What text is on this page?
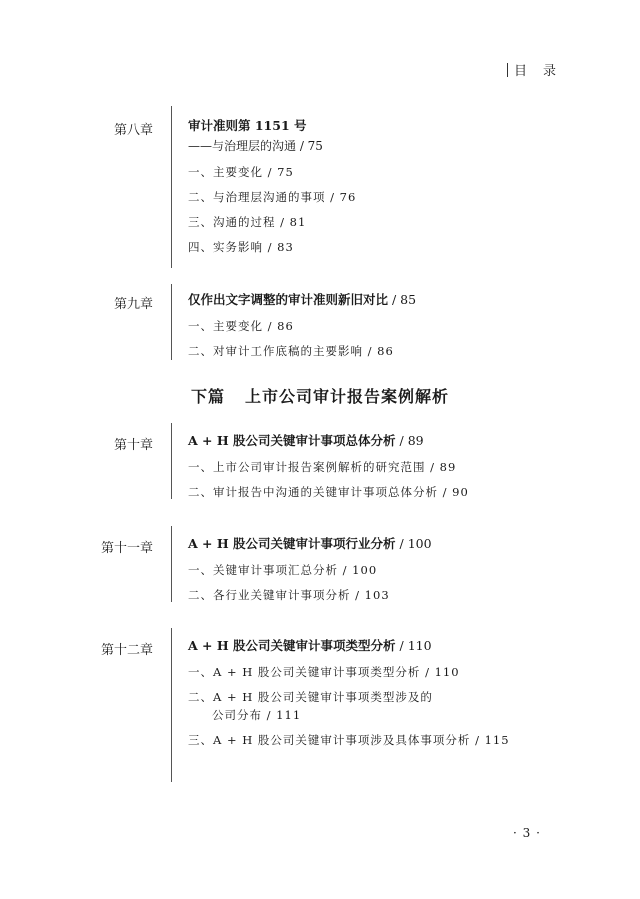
目 录
第八章	审计准则第 1151 号
——与治理层的沟通 / 75
一、主要变化 / 75
二、与治理层沟通的事项 / 76
三、沟通的过程 / 81
四、实务影响 / 83
第九章	仅作出文字调整的审计准则新旧对比 / 85
一、主要变化 / 86
二、对审计工作底稿的主要影响 / 86
下篇 上市公司审计报告案例解析
第十章	A + H 股公司关键审计事项总体分析 / 89
一、上市公司审计报告案例解析的研究范围 / 89
二、审计报告中沟通的关键审计事项总体分析 / 90
第十一章	A + H 股公司关键审计事项行业分析 / 100
一、关键审计事项汇总分析 / 100
二、各行业关键审计事项分析 / 103
第十二章	A + H 股公司关键审计事项类型分析 / 110
一、A + H 股公司关键审计事项类型分析 / 110
二、A + H 股公司关键审计事项类型涉及的
公司分布 / 111
三、A + H 股公司关键审计事项涉及具体事项分析 / 115
· 3 ·
